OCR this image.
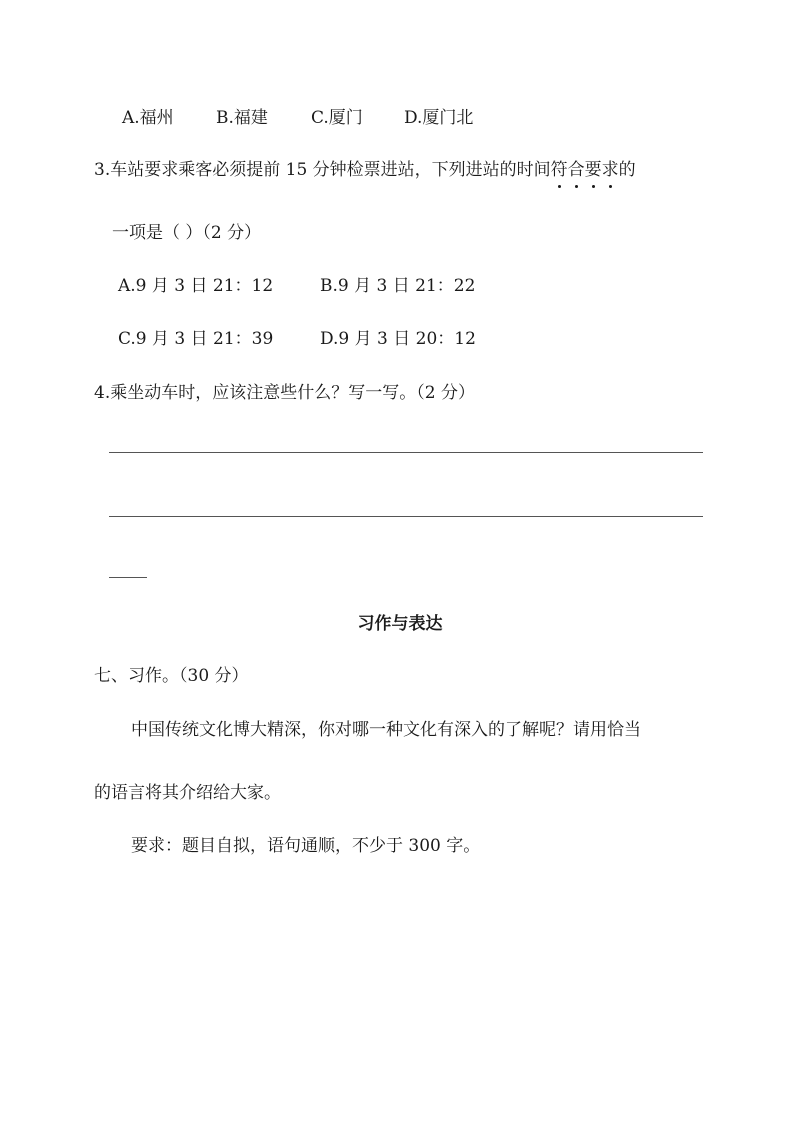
A.福州 B.福建	C.厦门 D.厦门北
3.车站要求乘客必须提前 15 分钟检票进站，下列进站的时间符合要求的
一项是（ ）（2 分）
A.9 月 3 日 21：12	B.9 月 3 日 21：22
C.9 月 3 日 21：39	D.9 月 3 日 20：12
4.乘坐动车时，应该注意些什么？写一写。（2 分）
习作与表达
七、习作。（30 分）
中国传统文化博大精深，你对哪一种文化有深入的了解呢？请用恰当
的语言将其介绍给大家。
要求：题目自拟，语句通顺，不少于 300 字。
